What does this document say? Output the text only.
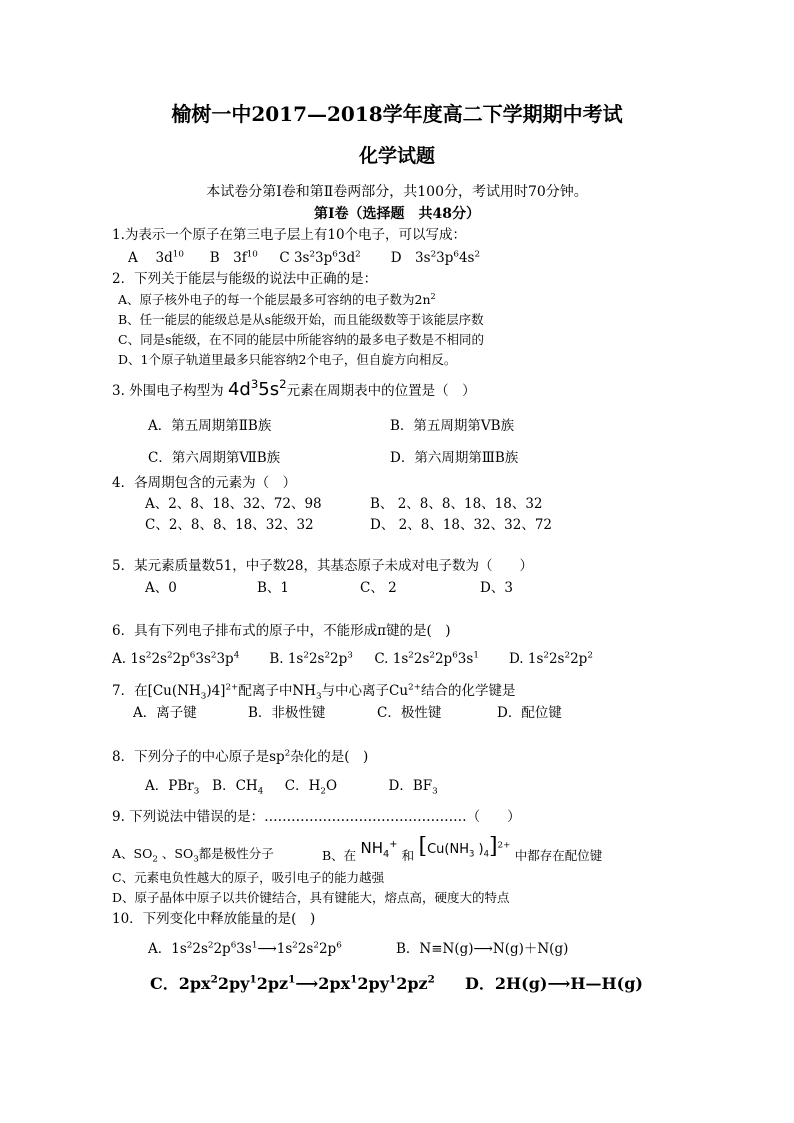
榆树一中2017—2018学年度高二下学期期中考试
化学试题
本试卷分第Ⅰ卷和第Ⅱ卷两部分，共100分，考试用时70分钟。
第Ⅰ卷（选择题　共48分）
1.为表示一个原子在第三电子层上有10个电子，可以写成：
A　 $3d^{10}$ B　$3f^{10}$ C $3s^23p^63d^2$ D　$3s^23p^64s^2$
2．下列关于能层与能级的说法中正确的是：
A、原子核外电子的每一个能层最多可容纳的电子数为$2n^2$
B、任一能层的能级总是从s能级开始，而且能级数等于该能层序数
C、同是s能级，在不同的能层中所能容纳的最多电子数是不相同的
D、1个原子轨道里最多只能容纳2个电子，但自旋方向相反。
3. 外围电子构型为 $4d^35s^2$元素在周期表中的位置是（　）
A．第五周期第ⅡB族	B．第五周期第ⅤB族
C．第六周期第ⅦB族	D．第六周期第ⅢB族
4．各周期包含的元素为（　）
A、2、8、18、32、72、98	B、 2、8、8、18、18、32
C、2、8、8、18、32、32	D、 2、8、18、32、32、72
5．某元素质量数51，中子数28，其基态原子未成对电子数为（　　）
A、0	B、1	C、 2	D、3
6．具有下列电子排布式的原子中，不能形成π键的是(　)
A. $1s^22s^22p^63s^23p^4$ B. $1s^22s^22p^3$ C. $1s^22s^22p^63s^1$ D. $1s^22s^22p^2$
7．在$[Cu(NH_3)4]^{2+}$配离子中$NH_3$与中心离子$Cu^{2+}$结合的化学键是
A．离子键	B．非极性键	C．极性键	D．配位键
8．下列分子的中心原子是$sp^2$杂化的是(　)
A．PBr$_3$ B．$CH_4$ C．$H_2O$	D．$BF_3$
9. 下列说法中错误的是：………………………………………（　　）
A、$SO_2$ 、$SO_3$都是极性分子	B、在 $NH_4^+$ 和 [$Cu(NH_3$ )$_4]^{2+}$ 中都存在配位键
C、元素电负性越大的原子，吸引电子的能力越强
D、原子晶体中原子以共价键结合，具有键能大，熔点高，硬度大的特点
10．下列变化中释放能量的是(　)
A．$1s^22s^22p^63s^1⟶1s^22s^22p^6$	B．N≡N(g)⟶N(g)＋N(g)
C．$2px^22py^12pz^1⟶2px^12py^12pz^2$ D．2H(g)⟶H—H(g)
